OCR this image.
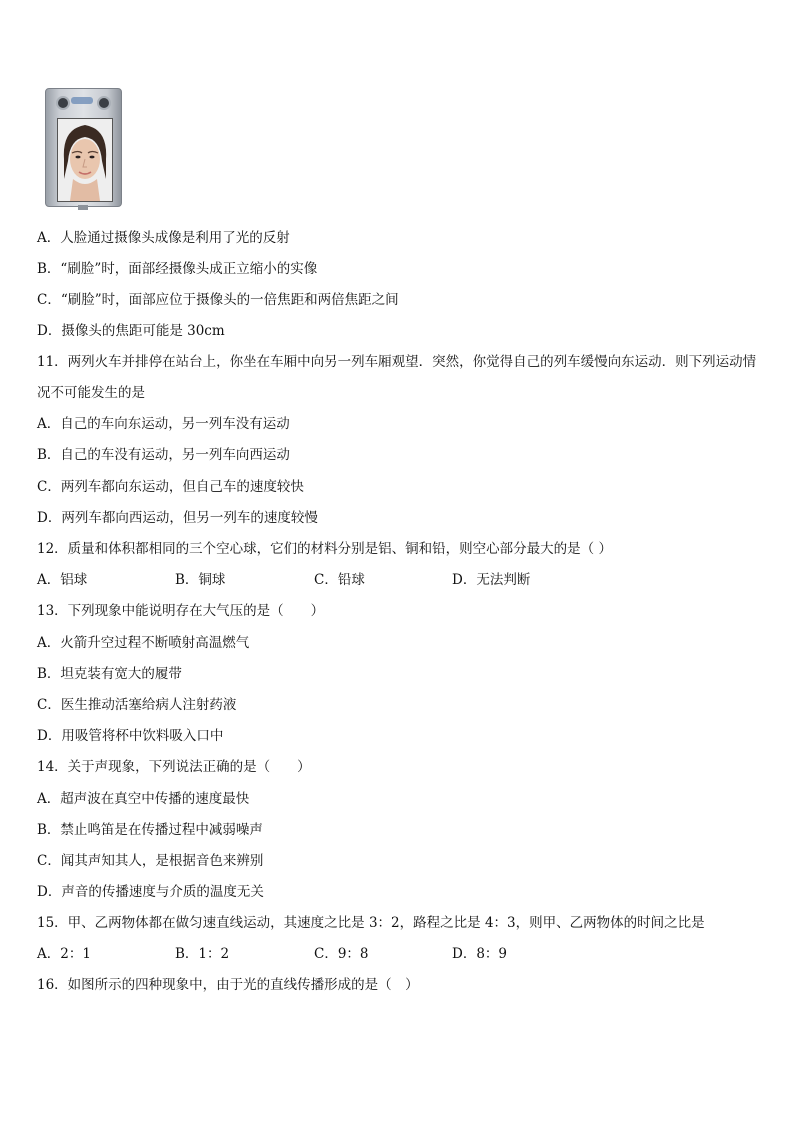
A．人脸通过摄像头成像是利用了光的反射
B．“刷脸”时，面部经摄像头成正立缩小的实像
C．“刷脸”时，面部应位于摄像头的一倍焦距和两倍焦距之间
D．摄像头的焦距可能是 30cm
11．两列火车并排停在站台上，你坐在车厢中向另一列车厢观望．突然，你觉得自己的列车缓慢向东运动．则下列运动情况不可能发生的是
A．自己的车向东运动，另一列车没有运动
B．自己的车没有运动，另一列车向西运动
C．两列车都向东运动，但自己车的速度较快
D．两列车都向西运动，但另一列车的速度较慢
12．质量和体积都相同的三个空心球，它们的材料分别是铝、铜和铅，则空心部分最大的是（ ）
A．铝球	B．铜球	C．铅球	D．无法判断
13．下列现象中能说明存在大气压的是（　　）
A．火箭升空过程不断喷射高温燃气
B．坦克装有宽大的履带
C．医生推动活塞给病人注射药液
D．用吸管将杯中饮料吸入口中
14．关于声现象，下列说法正确的是（　　）
A．超声波在真空中传播的速度最快
B．禁止鸣笛是在传播过程中减弱噪声
C．闻其声知其人，是根据音色来辨别
D．声音的传播速度与介质的温度无关
15．甲、乙两物体都在做匀速直线运动，其速度之比是 3：2，路程之比是 4：3，则甲、乙两物体的时间之比是
A．2：1	B．1：2	C．9：8	D．8：9
16．如图所示的四种现象中，由于光的直线传播形成的是（　）
